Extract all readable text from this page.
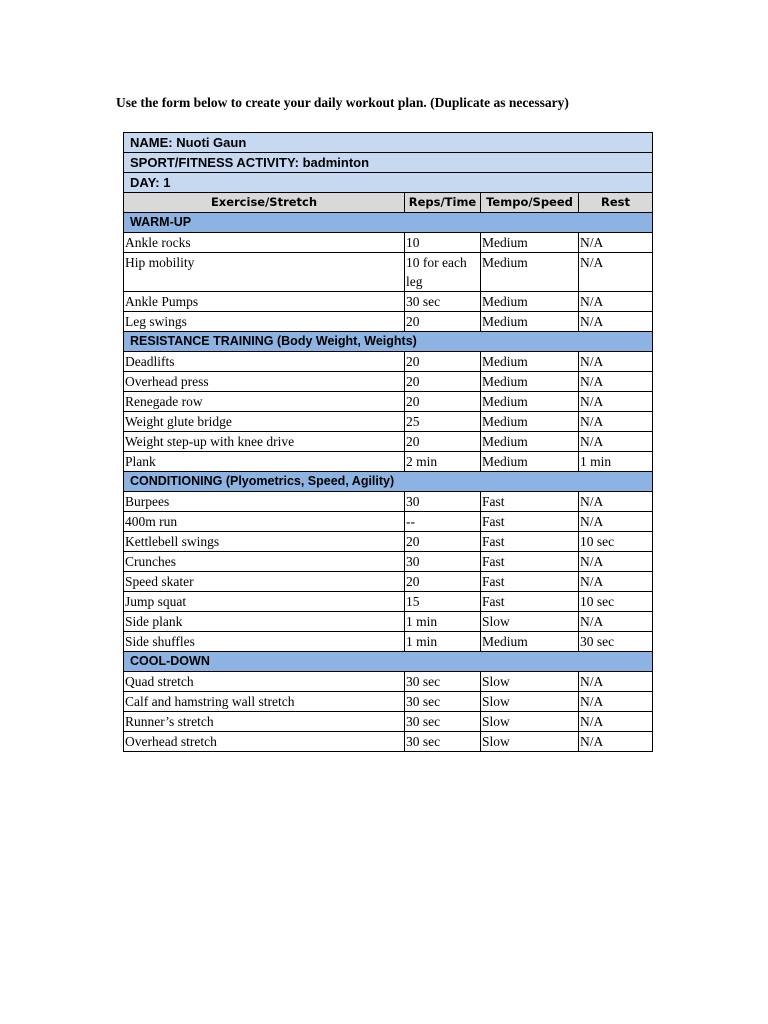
Use the form below to create your daily workout plan. (Duplicate as necessary)
NAME: Nuoti Gaun			
SPORT/FITNESS ACTIVITY: badminton			
DAY: 1			
Exercise/Stretch	Reps/Time	Tempo/Speed	Rest
WARM-UP			
Ankle rocks	10	Medium	N/A
Hip mobility	10 for each leg	Medium	N/A
Ankle Pumps	30 sec	Medium	N/A
Leg swings	20	Medium	N/A
RESISTANCE TRAINING (Body Weight, Weights)			
Deadlifts	20	Medium	N/A
Overhead press	20	Medium	N/A
Renegade row	20	Medium	N/A
Weight glute bridge	25	Medium	N/A
Weight step-up with knee drive	20	Medium	N/A
Plank	2 min	Medium	1 min
CONDITIONING (Plyometrics, Speed, Agility)			
Burpees	30	Fast	N/A
400m run	--	Fast	N/A
Kettlebell swings	20	Fast	10 sec
Crunches	30	Fast	N/A
Speed skater	20	Fast	N/A
Jump squat	15	Fast	10 sec
Side plank	1 min	Slow	N/A
Side shuffles	1 min	Medium	30 sec
COOL-DOWN			
Quad stretch	30 sec	Slow	N/A
Calf and hamstring wall stretch	30 sec	Slow	N/A
Runner’s stretch	30 sec	Slow	N/A
Overhead stretch	30 sec	Slow	N/A
